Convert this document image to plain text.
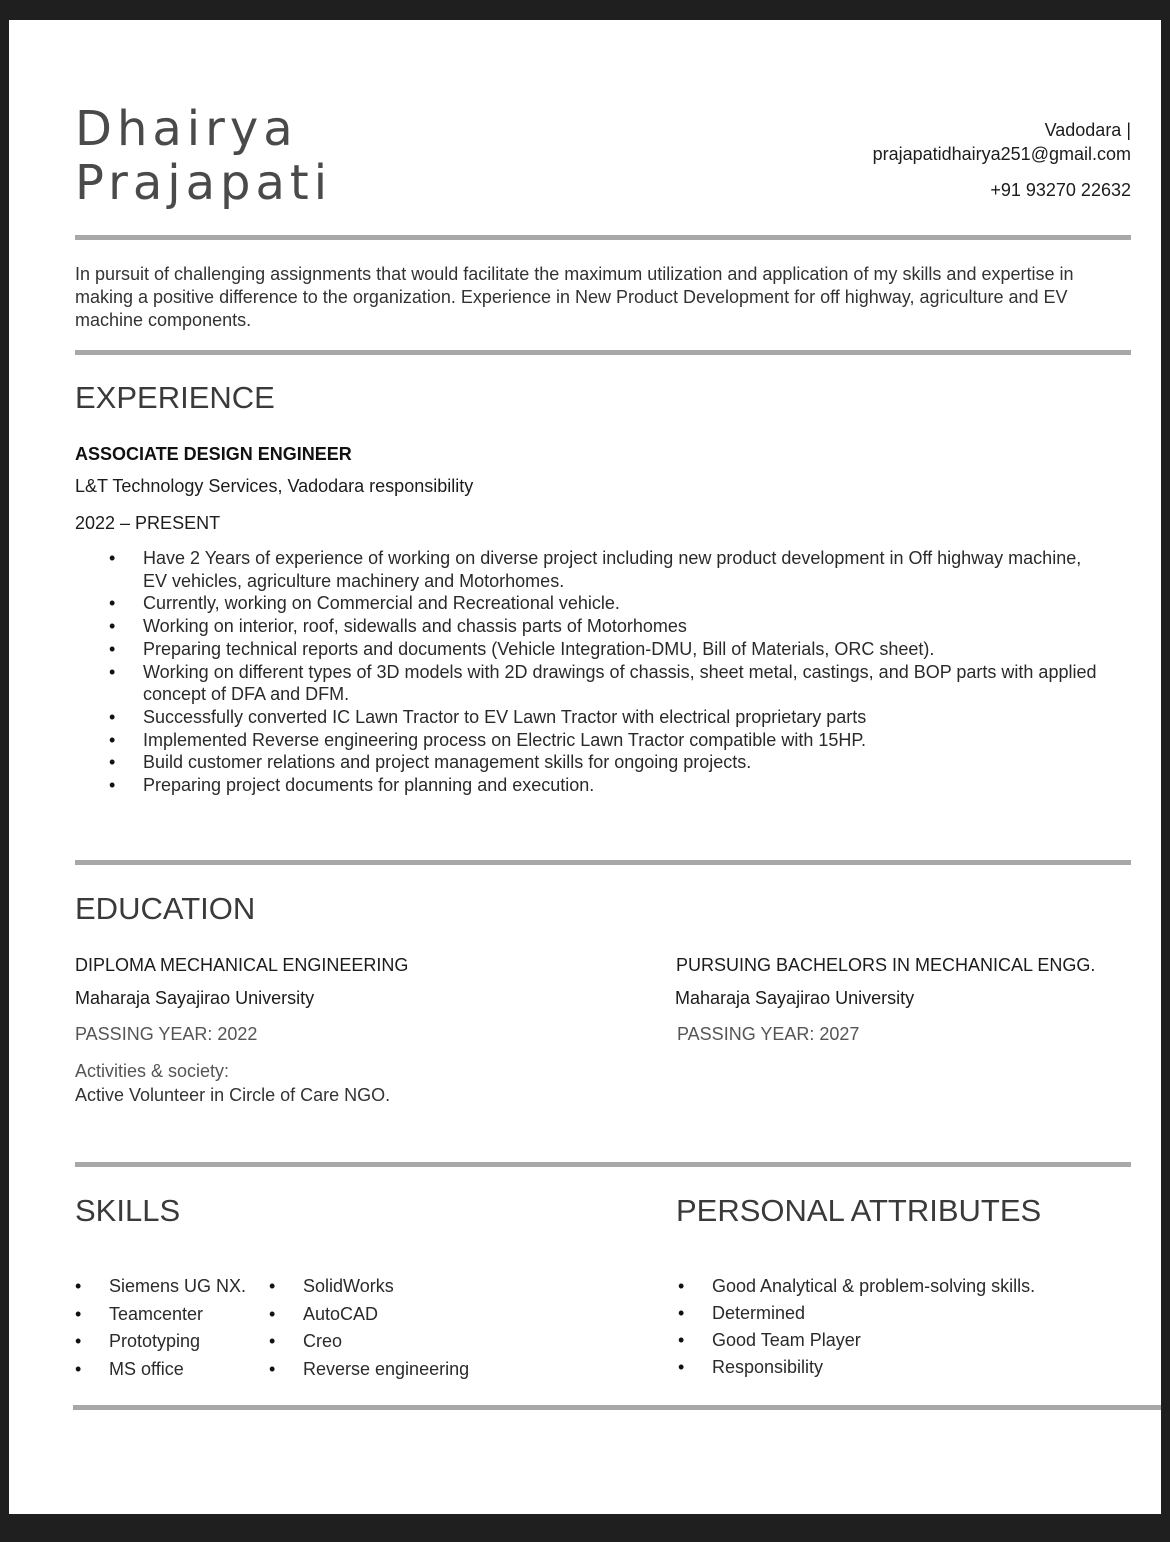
Dhairya
Prajapati
Vadodara |
prajapatidhairya251@gmail.com
+91 93270 22632
In pursuit of challenging assignments that would facilitate the maximum utilization and application of my skills and expertise in making a positive difference to the organization. Experience in New Product Development for off highway, agriculture and EV machine components.
EXPERIENCE
ASSOCIATE DESIGN ENGINEER
L&T Technology Services, Vadodara responsibility
2022 – PRESENT
• Have 2 Years of experience of working on diverse project including new product development in Off highway machine, EV vehicles, agriculture machinery and Motorhomes.
• Currently, working on Commercial and Recreational vehicle.
• Working on interior, roof, sidewalls and chassis parts of Motorhomes
• Preparing technical reports and documents (Vehicle Integration-DMU, Bill of Materials, ORC sheet).
• Working on different types of 3D models with 2D drawings of chassis, sheet metal, castings, and BOP parts with applied concept of DFA and DFM.
• Successfully converted IC Lawn Tractor to EV Lawn Tractor with electrical proprietary parts
• Implemented Reverse engineering process on Electric Lawn Tractor compatible with 15HP.
• Build customer relations and project management skills for ongoing projects.
• Preparing project documents for planning and execution.
EDUCATION
DIPLOMA MECHANICAL ENGINEERING
Maharaja Sayajirao University
PASSING YEAR: 2022
Activities & society:
Active Volunteer in Circle of Care NGO.
PURSUING BACHELORS IN MECHANICAL ENGG.
Maharaja Sayajirao University
PASSING YEAR: 2027
SKILLS
• Siemens UG NX.
• Teamcenter
• Prototyping
• MS office
• SolidWorks
• AutoCAD
• Creo
• Reverse engineering
PERSONAL ATTRIBUTES
• Good Analytical & problem-solving skills.
• Determined
• Good Team Player
• Responsibility
